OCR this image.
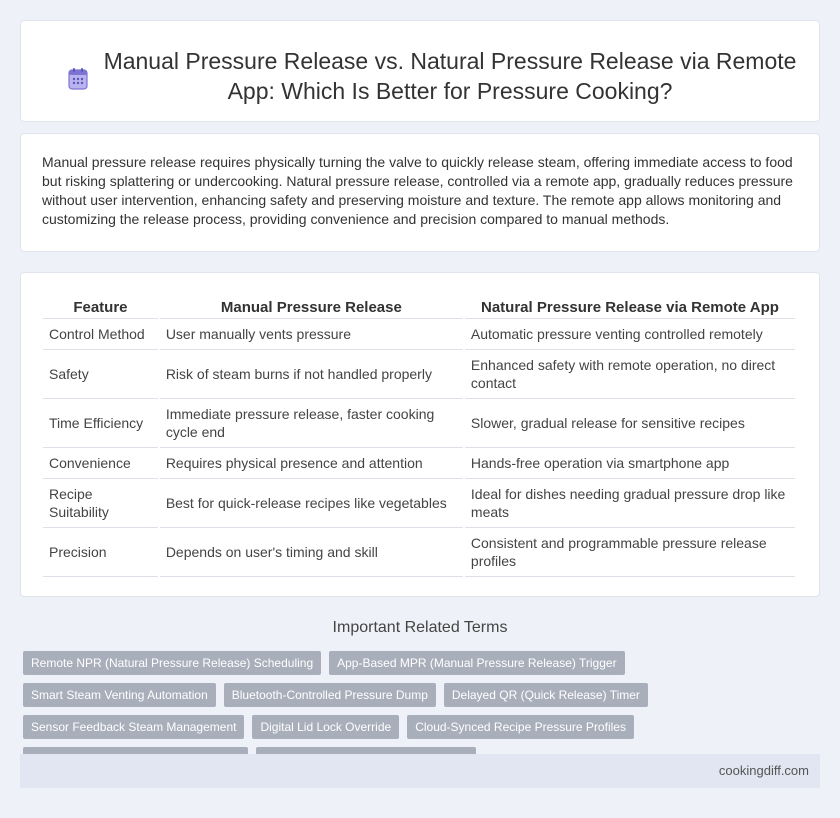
Manual Pressure Release vs. Natural Pressure Release via Remote App: Which Is Better for Pressure Cooking?

Manual pressure release requires physically turning the valve to quickly release steam, offering immediate access to food but risking splattering or undercooking. Natural pressure release, controlled via a remote app, gradually reduces pressure without user intervention, enhancing safety and preserving moisture and texture. The remote app allows monitoring and customizing the release process, providing convenience and precision compared to manual methods.

Feature	Manual Pressure Release	Natural Pressure Release via Remote App
Control Method	User manually vents pressure	Automatic pressure venting controlled remotely
Safety	Risk of steam burns if not handled properly	Enhanced safety with remote operation, no direct contact
Time Efficiency	Immediate pressure release, faster cooking cycle end	Slower, gradual release for sensitive recipes
Convenience	Requires physical presence and attention	Hands-free operation via smartphone app
Recipe Suitability	Best for quick-release recipes like vegetables	Ideal for dishes needing gradual pressure drop like meats
Precision	Depends on user's timing and skill	Consistent and programmable pressure release profiles
Important Related Terms
Remote NPR (Natural Pressure Release) Scheduling	App-Based MPR (Manual Pressure Release) Trigger
Smart Steam Venting Automation	Bluetooth-Controlled Pressure Dump	Delayed QR (Quick Release) Timer
Sensor Feedback Steam Management	Digital Lid Lock Override	Cloud-Synced Recipe Pressure Profiles
cookingdiff.com
